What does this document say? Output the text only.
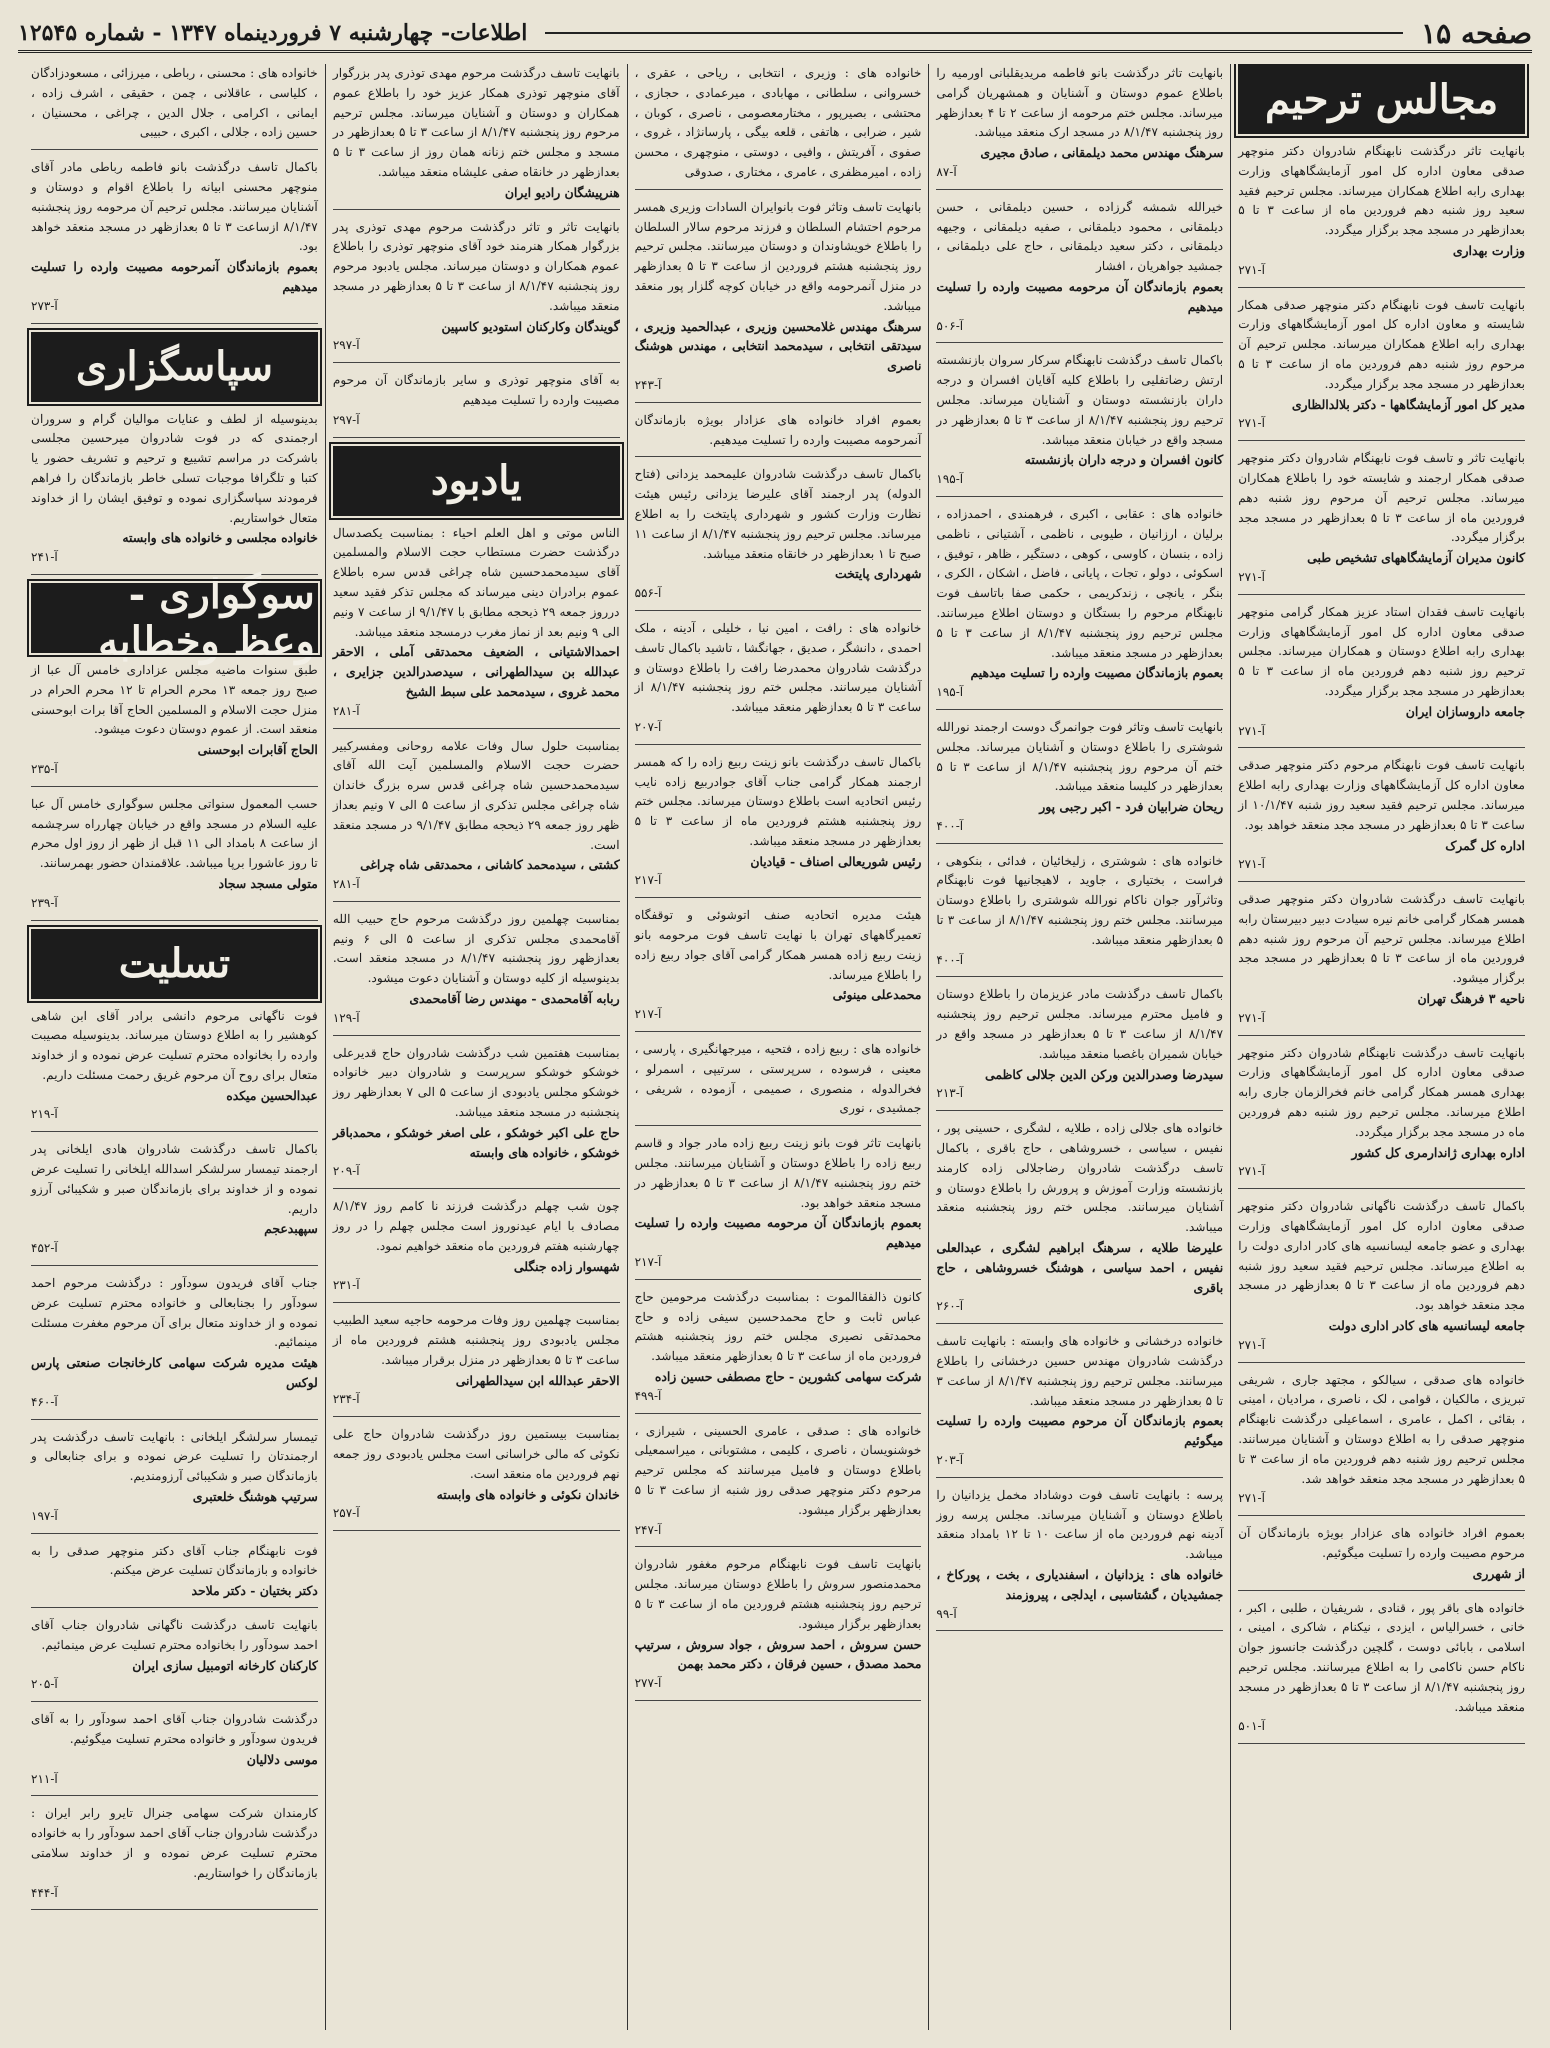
صفحه ۱۵
اطلاعات- چهارشنبه ۷ فروردینماه ۱۳۴۷ - شماره ۱۲۵۴۵
مجالس ترحیم
بانهایت تاثر درگذشت نابهنگام شادروان دکتر منوچهر صدقی معاون اداره کل امور آزمایشگاههای وزارت بهداری رابه اطلاع همکاران میرساند. مجلس ترحیم فقید سعید روز شنبه دهم فروردین ماه از ساعت ۳ تا ۵ بعدازظهر در مسجد مجد برگزار میگردد.
وزارت بهداری
آ-۲۷۱
بانهایت تاسف فوت نابهنگام دکتر منوچهر صدقی همکار شایسته و معاون اداره کل امور آزمایشگاههای وزارت بهداری رابه اطلاع همکاران میرساند. مجلس ترحیم آن مرحوم روز شنبه دهم فروردین ماه از ساعت ۳ تا ۵ بعدازظهر در مسجد مجد برگزار میگردد.
مدیر کل امور آزمایشگاهها - دکتر بلالدالظاری
آ-۲۷۱
بانهایت تاثر و تاسف فوت نابهنگام شادروان دکتر منوچهر صدقی همکار ارجمند و شایسته خود را باطلاع همکاران میرساند. مجلس ترحیم آن مرحوم روز شنبه دهم فروردین ماه از ساعت ۳ تا ۵ بعدازظهر در مسجد مجد برگزار میگردد.
کانون مدیران آزمایشگاههای تشخیص طبی
آ-۲۷۱
بانهایت تاسف فقدان استاد عزیز همکار گرامی منوچهر صدقی معاون اداره کل امور آزمایشگاههای وزارت بهداری رابه اطلاع دوستان و همکاران میرساند. مجلس ترحیم روز شنبه دهم فروردین ماه از ساعت ۳ تا ۵ بعدازظهر در مسجد مجد برگزار میگردد.
جامعه داروسازان ایران
آ-۲۷۱
بانهایت تاسف فوت نابهنگام مرحوم دکتر منوچهر صدقی معاون اداره کل آزمایشگاههای وزارت بهداری رابه اطلاع میرساند. مجلس ترحیم فقید سعید روز شنبه ۱۰/۱/۴۷ از ساعت ۳ تا ۵ بعدازظهر در مسجد مجد منعقد خواهد بود.
اداره کل گمرک
آ-۲۷۱
بانهایت تاسف درگذشت شادروان دکتر منوچهر صدقی همسر همکار گرامی خانم نیره سیادت دبیر دبیرستان رابه اطلاع میرساند. مجلس ترحیم آن مرحوم روز شنبه دهم فروردین ماه از ساعت ۳ تا ۵ بعدازظهر در مسجد مجد برگزار میشود.
ناحیه ۳ فرهنگ تهران
آ-۲۷۱
بانهایت تاسف درگذشت نابهنگام شادروان دکتر منوچهر صدقی معاون اداره کل امور آزمایشگاههای وزارت بهداری همسر همکار گرامی خانم فخرالزمان جاری رابه اطلاع میرساند. مجلس ترحیم روز شنبه دهم فروردین ماه در مسجد مجد برگزار میگردد.
اداره بهداری ژاندارمری کل کشور
آ-۲۷۱
باکمال تاسف درگذشت ناگهانی شادروان دکتر منوچهر صدقی معاون اداره کل امور آزمایشگاههای وزارت بهداری و عضو جامعه لیسانسیه های کادر اداری دولت را به اطلاع میرساند. مجلس ترحیم فقید سعید روز شنبه دهم فروردین ماه از ساعت ۳ تا ۵ بعدازظهر در مسجد مجد منعقد خواهد بود.
جامعه لیسانسیه های کادر اداری دولت
آ-۲۷۱
خانواده های صدقی ، سیالکو ، مجتهد جاری ، شریفی تبریزی ، مالکیان ، قوامی ، لک ، ناصری ، مرادیان ، امینی ، بقائی ، اکمل ، عامری ، اسماعیلی درگذشت نابهنگام منوچهر صدقی را به اطلاع دوستان و آشنایان میرسانند. مجلس ترحیم روز شنبه دهم فروردین ماه از ساعت ۳ تا ۵ بعدازظهر در مسجد مجد منعقد خواهد شد.
آ-۲۷۱
بعموم افراد خانواده های عزادار بویژه بازماندگان آن مرحوم مصیبت وارده را تسلیت میگوئیم.
از شهرری
خانواده های باقر پور ، قنادی ، شریفیان ، طلبی ، اکبر ، خانی ، خسرالیاس ، ایزدی ، نیکنام ، شاکری ، امینی ، اسلامی ، بابائی دوست ، گلچین درگذشت جانسوز جوان ناکام حسن ناکامی را به اطلاع میرسانند. مجلس ترحیم روز پنجشنبه ۸/۱/۴۷ از ساعت ۳ تا ۵ بعدازظهر در مسجد منعقد میباشد.
آ-۵۰۱
بانهایت تاثر درگذشت بانو فاطمه مریدیقلبانی اورمیه را باطلاع عموم دوستان و آشنایان و همشهریان گرامی میرساند. مجلس ختم مرحومه از ساعت ۲ تا ۴ بعدازظهر روز پنجشنبه ۸/۱/۴۷ در مسجد ارک منعقد میباشد.
سرهنگ مهندس محمد دیلمقانی ، صادق مجیری
آ-۸۷
خیرالله شمشه گرزاده ، حسین دیلمقانی ، حسن دیلمقانی ، محمود دیلمقانی ، صفیه دیلمقانی ، وجیهه دیلمقانی ، دکتر سعید دیلمقانی ، حاج علی دیلمقانی ، جمشید جواهریان ، افشار
بعموم بازماندگان آن مرحومه مصیبت وارده را تسلیت میدهیم
آ-۵۰۶
باکمال تاسف درگذشت نابهنگام سرکار سروان بازنشسته ارتش رضاتفلیی را باطلاع کلیه آقایان افسران و درجه داران بازنشسته دوستان و آشنایان میرساند. مجلس ترحیم روز پنجشنبه ۸/۱/۴۷ از ساعت ۳ تا ۵ بعدازظهر در مسجد واقع در خیابان منعقد میباشد.
کانون افسران و درجه داران بازنشسته
آ-۱۹۵
خانواده های : عقابی ، اکبری ، فرهمندی ، احمدزاده ، برلیان ، ارزانیان ، طیوبی ، ناظمی ، آشتیانی ، ناظمی زاده ، بنسان ، کاوسی ، کوهی ، دستگیر ، ظاهر ، توفیق ، اسکوئی ، دولو ، تجات ، پایانی ، فاضل ، اشکان ، الکری ، بنگر ، یانچی ، زندکریمی ، حکمی صفا باتاسف فوت نابهنگام مرحوم را بستگان و دوستان اطلاع میرسانند. مجلس ترحیم روز پنجشنبه ۸/۱/۴۷ از ساعت ۳ تا ۵ بعدازظهر در مسجد منعقد میباشد.
بعموم بازماندگان مصیبت وارده را تسلیت میدهیم
آ-۱۹۵
بانهایت تاسف وتاثر فوت جوانمرگ دوست ارجمند نورالله شوشتری را باطلاع دوستان و آشنایان میرساند. مجلس ختم آن مرحوم روز پنجشنبه ۸/۱/۴۷ از ساعت ۳ تا ۵ بعدازظهر در کلیسا منعقد میباشد.
ریحان ضرابیان فرد - اکبر رجبی پور
آ-۴۰۰
خانواده های : شوشتری ، زلیخائیان ، فدائی ، بنکوهی ، فراست ، بختیاری ، جاوید ، لاهیجانیها فوت نابهنگام وتاثرآور جوان ناکام نورالله شوشتری را باطلاع دوستان میرسانند. مجلس ختم روز پنجشنبه ۸/۱/۴۷ از ساعت ۳ تا ۵ بعدازظهر منعقد میباشد.
آ-۴۰۰
باکمال تاسف درگذشت مادر عزیزمان را باطلاع دوستان و فامیل محترم میرساند. مجلس ترحیم روز پنجشنبه ۸/۱/۴۷ از ساعت ۳ تا ۵ بعدازظهر در مسجد واقع در خیابان شمیران باغصبا منعقد میباشد.
سیدرضا وصدرالدین ورکن الدین جلالی کاظمی
آ-۲۱۳
خانواده های جلالی زاده ، طلایه ، لشگری ، حسینی پور ، نفیس ، سیاسی ، خسروشاهی ، حاج باقری ، باکمال تاسف درگذشت شادروان رضاجلالی زاده کارمند بازنشسته وزارت آموزش و پرورش را باطلاع دوستان و آشنایان میرسانند. مجلس ختم روز پنجشنبه منعقد میباشد.
علیرضا طلایه ، سرهنگ ابراهیم لشگری ، عبدالعلی نفیس ، احمد سیاسی ، هوشنگ خسروشاهی ، حاج باقری
آ-۲۶۰
خانواده درخشانی و خانواده های وابسته : بانهایت تاسف درگذشت شادروان مهندس حسین درخشانی را باطلاع میرسانند. مجلس ترحیم روز پنجشنبه ۸/۱/۴۷ از ساعت ۳ تا ۵ بعدازظهر در مسجد منعقد میباشد.
بعموم بازماندگان آن مرحوم مصیبت وارده را تسلیت میگوئیم
آ-۲۰۳
پرسه : بانهایت تاسف فوت دوشاداد مخمل یزدانیان را باطلاع دوستان و آشنایان میرساند. مجلس پرسه روز آدینه نهم فروردین ماه از ساعت ۱۰ تا ۱۲ بامداد منعقد میباشد.
خانواده های : یزدانیان ، اسفندیاری ، بخت ، پورکاخ ، جمشیدیان ، گشتاسبی ، ایدلجی ، پیروزمند
آ-۹۹
خانواده های : وزیری ، انتخابی ، ریاحی ، عقری ، خسروانی ، سلطانی ، مهابادی ، میرعمادی ، حجازی ، محتشی ، بصیرپور ، مختارمعصومی ، ناصری ، کوبان ، شیر ، ضرابی ، هاتفی ، قلعه بیگی ، پارسانژاد ، غروی ، صفوی ، آفریتش ، وافیی ، دوستی ، منوچهری ، محسن زاده ، امیرمظفری ، عامری ، مختاری ، صدوقی
بانهایت تاسف وتاثر فوت بانوایران السادات وزیری همسر مرحوم احتشام السلطان و فرزند مرحوم سالار السلطان را باطلاع خویشاوندان و دوستان میرسانند. مجلس ترحیم روز پنجشنبه هشتم فروردین از ساعت ۳ تا ۵ بعدازظهر در منزل آنمرحومه واقع در خیابان کوچه گلزار پور منعقد میباشد.
سرهنگ مهندس غلامحسین وزیری ، عبدالحمید وزیری ، سیدتقی انتخابی ، سیدمحمد انتخابی ، مهندس هوشنگ ناصری
آ-۲۴۳
بعموم افراد خانواده های عزادار بویژه بازماندگان آنمرحومه مصیبت وارده را تسلیت میدهیم.
باکمال تاسف درگذشت شادروان علیمحمد یزدانی (فتاح الدوله) پدر ارجمند آقای علیرضا یزدانی رئیس هیئت نظارت وزارت کشور و شهرداری پایتخت را به اطلاع میرساند. مجلس ترحیم روز پنجشنبه ۸/۱/۴۷ از ساعت ۱۱ صبح تا ۱ بعدازظهر در خانقاه منعقد میباشد.
شهرداری پایتخت
آ-۵۵۶
خانواده های : رافت ، امین نیا ، خلیلی ، آدینه ، ملک احمدی ، دانشگر ، صدیق ، جهانگشا ، تاشید باکمال تاسف درگذشت شادروان محمدرضا رافت را باطلاع دوستان و آشنایان میرسانند. مجلس ختم روز پنجشنبه ۸/۱/۴۷ از ساعت ۳ تا ۵ بعدازظهر منعقد میباشد.
آ-۲۰۷
باکمال تاسف درگذشت بانو زینت ربیع زاده را که همسر ارجمند همکار گرامی جناب آقای جوادربیع زاده نایب رئیس اتحادیه است باطلاع دوستان میرساند. مجلس ختم روز پنجشنبه هشتم فروردین ماه از ساعت ۳ تا ۵ بعدازظهر در مسجد منعقد میباشد.
رئیس شوریعالی اصناف - قیادیان
آ-۲۱۷
هیئت مدیره اتحادیه صنف اتوشوئی و توقفگاه تعمیرگاههای تهران با نهایت تاسف فوت مرحومه بانو زینت ربیع زاده همسر همکار گرامی آقای جواد ربیع زاده را باطلاع میرساند.
محمدعلی مینوئی
آ-۲۱۷
خانواده های : ربیع زاده ، فتحیه ، میرجهانگیری ، پارسی ، معینی ، فرسوده ، سرپرستی ، سرتیپی ، اسمرلو ، فخرالدوله ، منصوری ، صمیمی ، آزموده ، شریفی ، جمشیدی ، نوری
بانهایت تاثر فوت بانو زینت ربیع زاده مادر جواد و قاسم ربیع زاده را باطلاع دوستان و آشنایان میرسانند. مجلس ختم روز پنجشنبه ۸/۱/۴۷ از ساعت ۳ تا ۵ بعدازظهر در مسجد منعقد خواهد بود.
بعموم بازماندگان آن مرحومه مصیبت وارده را تسلیت میدهیم
آ-۲۱۷
کانون ذالفقاالموت : بمناسبت درگذشت مرحومین حاج عباس ثابت و حاج محمدحسین سیفی زاده و حاج محمدتقی نصیری مجلس ختم روز پنجشنبه هشتم فروردین ماه از ساعت ۳ تا ۵ بعدازظهر منعقد میباشد.
شرکت سهامی کشورین - حاج مصطفی حسین زاده
آ-۴۹۹
خانواده های : صدقی ، عامری الحسینی ، شیرازی ، خوشنویسان ، ناصری ، کلیمی ، مشتوبانی ، میراسمعیلی باطلاع دوستان و فامیل میرسانند که مجلس ترحیم مرحوم دکتر منوچهر صدقی روز شنبه از ساعت ۳ تا ۵ بعدازظهر برگزار میشود.
آ-۲۴۷
بانهایت تاسف فوت نابهنگام مرحوم مغفور شادروان محمدمنصور سروش را باطلاع دوستان میرساند. مجلس ترحیم روز پنجشنبه هشتم فروردین ماه از ساعت ۳ تا ۵ بعدازظهر برگزار میشود.
حسن سروش ، احمد سروش ، جواد سروش ، سرتیپ محمد مصدق ، حسین فرقان ، دکتر محمد بهمن
آ-۲۷۷
بانهایت تاسف درگذشت مرحوم مهدی توذری پدر بزرگوار آقای منوچهر توذری همکار عزیز خود را باطلاع عموم همکاران و دوستان و آشنایان میرساند. مجلس ترحیم مرحوم روز پنجشنبه ۸/۱/۴۷ از ساعت ۳ تا ۵ بعدازظهر در مسجد و مجلس ختم زنانه همان روز از ساعت ۳ تا ۵ بعدازظهر در خانقاه صفی علیشاه منعقد میباشد.
هنرپیشگان رادیو ایران
بانهایت تاثر و تاثر درگذشت مرحوم مهدی توذری پدر بزرگوار همکار هنرمند خود آقای منوچهر توذری را باطلاع عموم همکاران و دوستان میرساند. مجلس یادبود مرحوم روز پنجشنبه ۸/۱/۴۷ از ساعت ۳ تا ۵ بعدازظهر در مسجد منعقد میباشد.
گویندگان وکارکنان استودیو کاسپین
آ-۲۹۷
به آقای منوچهر توذری و سایر بازماندگان آن مرحوم مصیبت وارده را تسلیت میدهیم
آ-۲۹۷
یادبود
الناس موتی و اهل العلم احیاء : بمناسبت یکصدسال درگذشت حضرت مستطاب حجت الاسلام والمسلمین آقای سیدمحمدحسین شاه چراغی قدس سره باطلاع عموم برادران دینی میرساند که مجلس تذکر فقید سعید درروز جمعه ۲۹ ذیحجه مطابق با ۹/۱/۴۷ از ساعت ۷ ونیم الی ۹ ونیم بعد از نماز مغرب درمسجد منعقد میباشد.
احمدالاشتیانی ، الضعیف محمدتقی آملی ، الاحقر عبدالله بن سیدالطهرانی ، سیدصدرالدین جزایری ، محمد غروی ، سیدمحمد علی سبط الشیخ
آ-۲۸۱
بمناسبت حلول سال وفات علامه روحانی ومفسرکبیر حضرت حجت الاسلام والمسلمین آیت الله آقای سیدمحمدحسین شاه چراغی قدس سره بزرگ خاندان شاه چراغی مجلس تذکری از ساعت ۵ الی ۷ ونیم بعداز ظهر روز جمعه ۲۹ ذیحجه مطابق ۹/۱/۴۷ در مسجد منعقد است.
کشتی ، سیدمحمد کاشانی ، محمدتقی شاه چراغی
آ-۲۸۱
بمناسبت چهلمین روز درگذشت مرحوم حاج حبیب الله آقامحمدی مجلس تذکری از ساعت ۵ الی ۶ ونیم بعدازظهر روز پنجشنبه ۸/۱/۴۷ در مسجد منعقد است. بدینوسیله از کلیه دوستان و آشنایان دعوت میشود.
ربابه آقامحمدی - مهندس رضا آقامحمدی
آ-۱۲۹
بمناسبت هفتمین شب درگذشت شادروان حاج قدیرعلی خوشکو خوشکو سرپرست و شادروان دبیر خانواده خوشکو مجلس یادبودی از ساعت ۵ الی ۷ بعدازظهر روز پنجشنبه در مسجد منعقد میباشد.
حاج علی اکبر خوشکو ، علی اصغر خوشکو ، محمدباقر خوشکو ، خانواده های وابسته
آ-۲۰۹
چون شب چهلم درگذشت فرزند نا کامم روز ۸/۱/۴۷ مصادف با ایام عیدنوروز است مجلس چهلم را در روز چهارشنبه هفتم فروردین ماه منعقد خواهیم نمود.
شهسوار زاده جنگلی
آ-۲۳۱
بمناسبت چهلمین روز وفات مرحومه حاجیه سعید الطبیب مجلس یادبودی روز پنجشنبه هشتم فروردین ماه از ساعت ۳ تا ۵ بعدازظهر در منزل برقرار میباشد.
الاحقر عبدالله ابن سیدالطهرانی
آ-۲۳۴
بمناسبت بیستمین روز درگذشت شادروان حاج علی نکوئی که مالی خراسانی است مجلس یادبودی روز جمعه نهم فروردین ماه منعقد است.
خاندان نکوئی و خانواده های وابسته
آ-۲۵۷
خانواده های : محسنی ، رباطی ، میرزائی ، مسعودزادگان ، کلیاسی ، عاقلانی ، چمن ، حقیقی ، اشرف زاده ، ایمانی ، اکرامی ، جلال الدین ، چراغی ، محسنیان ، حسین زاده ، جلالی ، اکبری ، حبیبی
باکمال تاسف درگذشت بانو فاطمه رباطی مادر آقای منوچهر محسنی ابیانه را باطلاع اقوام و دوستان و آشنایان میرسانند. مجلس ترحیم آن مرحومه روز پنجشنبه ۸/۱/۴۷ ازساعت ۳ تا ۵ بعدازظهر در مسجد منعقد خواهد بود.
بعموم بازماندگان آنمرحومه مصیبت وارده را تسلیت میدهیم
آ-۲۷۳
سپاسگزاری
بدینوسیله از لطف و عنایات موالیان گرام و سروران ارجمندی که در فوت شادروان میرحسین مجلسی باشرکت در مراسم تشییع و ترحیم و تشریف حضور یا کتبا و تلگرافا موجبات تسلی خاطر بازماندگان را فراهم فرمودند سپاسگزاری نموده و توفیق ایشان را از خداوند متعال خواستاریم.
خانواده مجلسی و خانواده های وابسته
آ-۲۴۱
سوگواری - وعظ وخطابه
طبق سنوات ماضیه مجلس عزاداری خامس آل عبا از صبح روز جمعه ۱۳ محرم الحرام تا ۱۲ محرم الحرام در منزل حجت الاسلام و المسلمین الحاج آقا برات ابوحسنی منعقد است. از عموم دوستان دعوت میشود.
الحاج آقابرات ابوحسنی
آ-۲۳۵
حسب المعمول سنواتی مجلس سوگواری خامس آل عبا علیه السلام در مسجد واقع در خیابان چهارراه سرچشمه از ساعت ۸ بامداد الی ۱۱ قبل از ظهر از روز اول محرم تا روز عاشورا برپا میباشد. علاقمندان حضور بهمرسانند.
متولی مسجد سجاد
آ-۲۳۹
تسلیت
فوت ناگهانی مرحوم دانشی برادر آقای ابن شاهی کوهشیر را به اطلاع دوستان میرساند. بدینوسیله مصیبت وارده را بخانواده محترم تسلیت عرض نموده و از خداوند متعال برای روح آن مرحوم غریق رحمت مسئلت داریم.
عبدالحسین میکده
آ-۲۱۹
باکمال تاسف درگذشت شادروان هادی ایلخانی پدر ارجمند تیمسار سرلشکر اسدالله ایلخانی را تسلیت عرض نموده و از خداوند برای بازماندگان صبر و شکیبائی آرزو داریم.
سپهبدعجم
آ-۴۵۲
جناب آقای فریدون سودآور : درگذشت مرحوم احمد سودآور را بجنابعالی و خانواده محترم تسلیت عرض نموده و از خداوند متعال برای آن مرحوم مغفرت مسئلت مینمائیم.
هیئت مدیره شرکت سهامی کارخانجات صنعتی پارس لوکس
آ-۴۶۰
تیمسار سرلشگر ایلخانی : بانهایت تاسف درگذشت پدر ارجمندتان را تسلیت عرض نموده و برای جنابعالی و بازماندگان صبر و شکیبائی آرزومندیم.
سرتیپ هوشنگ خلعتبری
آ-۱۹۷
فوت نابهنگام جناب آقای دکتر منوچهر صدقی را به خانواده و بازماندگان تسلیت عرض میکنم.
دکتر بختیان - دکتر ملاحد
بانهایت تاسف درگذشت ناگهانی شادروان جناب آقای احمد سودآور را بخانواده محترم تسلیت عرض مینمائیم.
کارکنان کارخانه اتومبیل سازی ایران
آ-۲۰۵
درگذشت شادروان جناب آقای احمد سودآور را به آقای فریدون سودآور و خانواده محترم تسلیت میگوئیم.
موسی دلالیان
آ-۲۱۱
کارمندان شرکت سهامی جنرال تایرو رابر ایران : درگذشت شادروان جناب آقای احمد سودآور را به خانواده محترم تسلیت عرض نموده و از خداوند سلامتی بازماندگان را خواستاریم.
آ-۴۴۴
